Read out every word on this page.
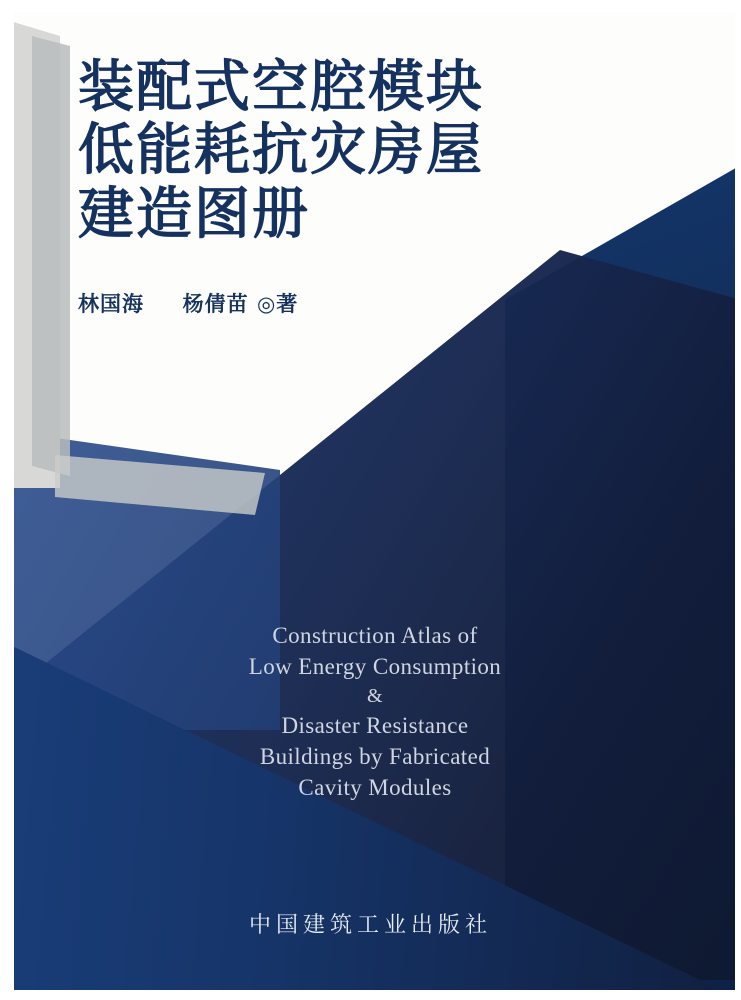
装配式空腔模块
低能耗抗灾房屋
建造图册
林国海 杨倩苗 ◎著
Construction Atlas of
Low Energy Consumption
&
Disaster Resistance
Buildings by Fabricated
Cavity Modules
中国建筑工业出版社
